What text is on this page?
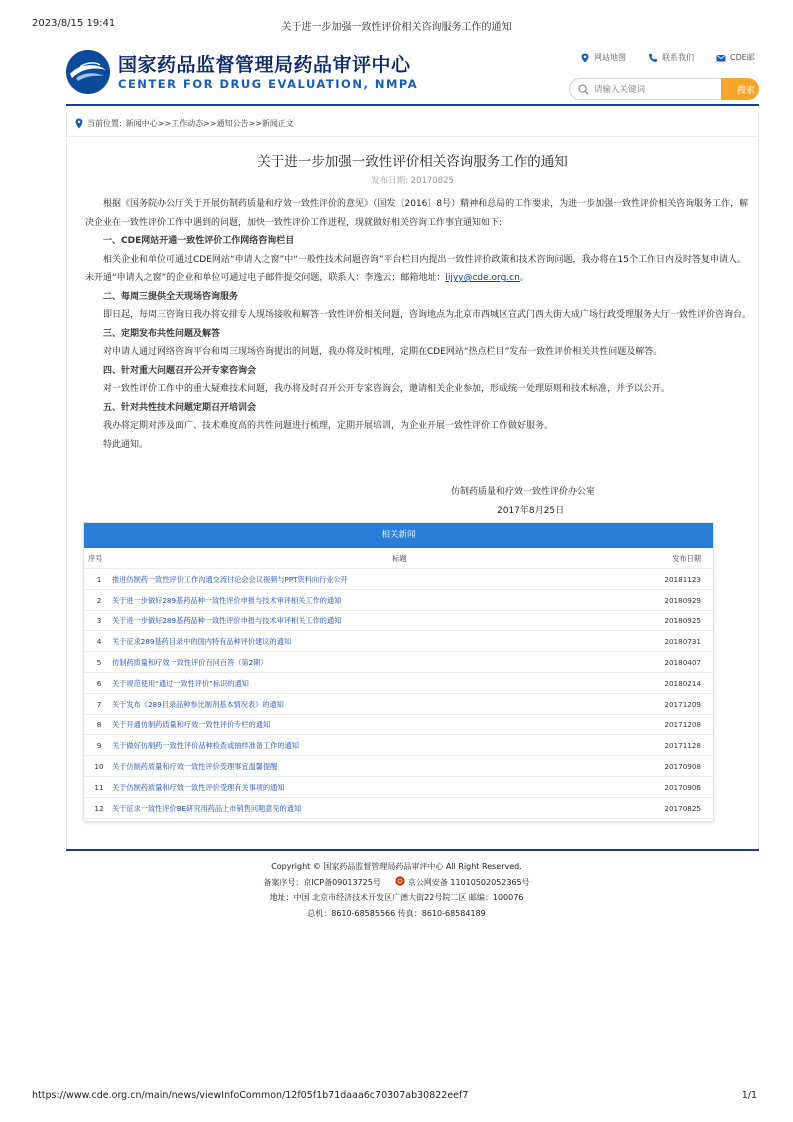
2023/8/15 19:41	关于进一步加强一致性评价相关咨询服务工作的通知
国家药品监督管理局药品审评中心
CENTER FOR DRUG EVALUATION, NMPA
网站地图	联系我们	CDE邮
请输入关键词
搜索
当前位置: 新闻中心>>工作动态>>通知公告>>新闻正文
关于进一步加强一致性评价相关咨询服务工作的通知
发布日期: 20170825

根据《国务院办公厅关于开展仿制药质量和疗效一致性评价的意见》（国发〔2016〕8号）精神和总局的工作要求，为进一步加强一致性评价相关咨询服务工作，解决企业在一致性评价工作中遇到的问题，加快一致性评价工作进程，现就做好相关咨询工作事宜通知如下:

一、CDE网站开通一致性评价工作网络咨询栏目

相关企业和单位可通过CDE网站“申请人之窗”中“一般性技术问题咨询”平台栏目内提出一致性评价政策和技术咨询问题，我办将在15个工作日内及时答复申请人。未开通“申请人之窗”的企业和单位可通过电子邮件提交问题，联系人：李逸云；邮箱地址：lijyy@cde.org.cn。

二、每周三提供全天现场咨询服务

即日起，每周三咨询日我办将安排专人现场接收和解答一致性评价相关问题，咨询地点为北京市西城区宣武门西大街大成广场行政受理服务大厅一致性评价咨询台。

三、定期发布共性问题及解答

对申请人通过网络咨询平台和周三现场咨询提出的问题，我办将及时梳理，定期在CDE网站“热点栏目”发布一致性评价相关共性问题及解答。

四、针对重大问题召开公开专家咨询会

对一致性评价工作中的重大疑难技术问题，我办将及时召开公开专家咨询会，邀请相关企业参加，形成统一处理原则和技术标准，并予以公开。

五、针对共性技术问题定期召开培训会

我办将定期对涉及面广、技术难度高的共性问题进行梳理，定期开展培训，为企业开展一致性评价工作做好服务。

特此通知。

仿制药质量和疗效一致性评价办公室
2017年8月25日
相关新闻
序号	标题	发布日期
1	推进仿制药一致性评价工作沟通交流讨论会会议视频与PPT资料向行业公开	20181123
2	关于进一步做好289基药品种一致性评价申报与技术审评相关工作的通知	20180929
3	关于进一步做好289基药品种一致性评价申报与技术审评相关工作的通知	20180925
4	关于征求289基药目录中的国内特有品种评价建议的通知	20180731
5	仿制药质量和疗效一致性评价百问百答（第2期）	20180407
6	关于规范使用“通过一致性评价”标识的通知	20180214
7	关于发布《289目录品种参比制剂基本情况表》的通知	20171209
8	关于开通仿制药质量和疗效一致性评价专栏的通知	20171208
9	关于做好仿制药一致性评价品种检查或抽样准备工作的通知	20171128
10	关于仿制药质量和疗效一致性评价受理事宜温馨提醒	20170908
11	关于仿制药质量和疗效一致性评价受理有关事项的通知	20170906
12	关于征求一致性评价BE研究用药品上市销售问题意见的通知	20170825
Copyright © 国家药品监督管理局药品审评中心 All Right Reserved.
备案序号：京ICP备09013725号	京公网安备 11010502052365号
地址：中国 北京市经济技术开发区广德大街22号院二区 邮编：100076
总机：8610-68585566 传真：8610-68584189
https://www.cde.org.cn/main/news/viewInfoCommon/12f05f1b71daaa6c70307ab30822eef7	1/1
